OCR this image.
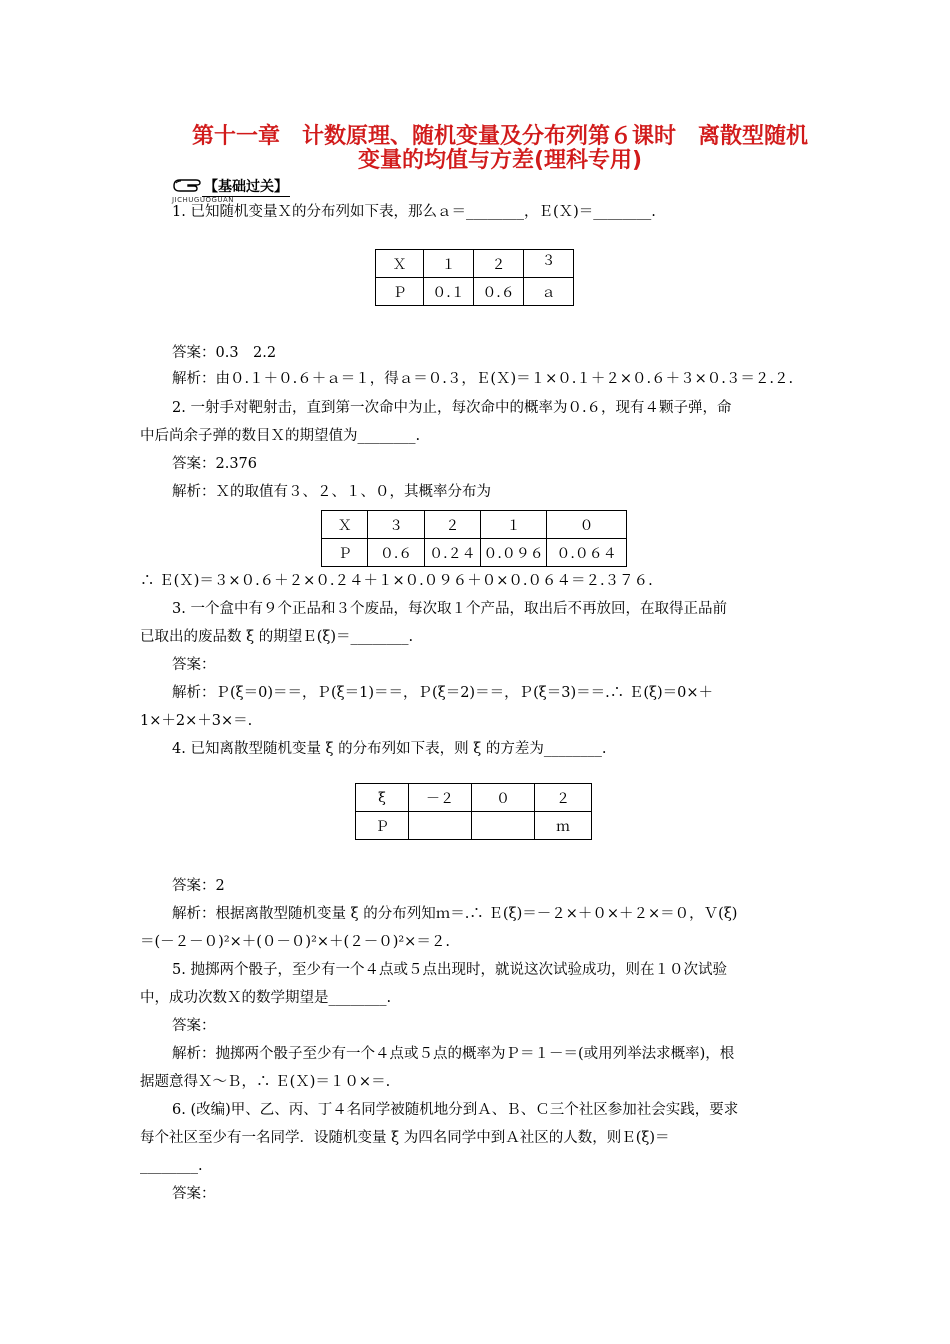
第十一章　计数原理、随机变量及分布列第６课时　离散型随机
变量的均值与方差(理科专用)
【基础过关】
JICHUGUOGUAN
1. 已知随机变量Ｘ的分布列如下表，那么ａ＝________，Ｅ(Ｘ)＝________.
Ｘ	１	２	３
Ｐ	０.１	０.６	ａ
答案：0.3　2.2
解析：由０.１＋０.６＋ａ＝１，得ａ＝０.３，Ｅ(Ｘ)＝１×０.１＋２×０.６＋３×０.３＝２.２.
2. 一射手对靶射击，直到第一次命中为止，每次命中的概率为０.６，现有４颗子弹，命
中后尚余子弹的数目Ｘ的期望值为________.
答案：2.376
解析：Ｘ的取值有３、２、１、０，其概率分布为
Ｘ	３	２	１	０
Ｐ	０.６	０.２４	０.０９６	０.０６４
∴ Ｅ(Ｘ)＝３×０.６＋２×０.２４＋１×０.０９６＋０×０.０６４＝２.３７６.
3. 一个盒中有９个正品和３个废品，每次取１个产品，取出后不再放回，在取得正品前
已取出的废品数 ξ 的期望Ｅ(ξ)＝________.
答案：
解析：Ｐ(ξ＝0)＝＝，Ｐ(ξ＝1)＝＝，Ｐ(ξ＝2)＝＝，Ｐ(ξ＝3)＝＝.∴ Ｅ(ξ)＝0×＋
1×＋2×＋3×＝.
4. 已知离散型随机变量 ξ 的分布列如下表，则 ξ 的方差为________.
ξ	－２	０	２
Ｐ			ｍ
答案：2
解析：根据离散型随机变量 ξ 的分布列知ｍ＝.∴ Ｅ(ξ)＝－２×＋０×＋２×＝０，Ｖ(ξ)
＝(－２－０)²×＋(０－０)²×＋(２－０)²×＝２.
5. 抛掷两个骰子，至少有一个４点或５点出现时，就说这次试验成功，则在１０次试验
中，成功次数Ｘ的数学期望是________.
答案：
解析：抛掷两个骰子至少有一个４点或５点的概率为Ｐ＝１－＝(或用列举法求概率)，根
据题意得Ｘ～Ｂ，∴ Ｅ(Ｘ)＝１０×＝.
6. (改编)甲、乙、丙、丁４名同学被随机地分到Ａ、Ｂ、Ｃ三个社区参加社会实践，要求
每个社区至少有一名同学．设随机变量 ξ 为四名同学中到Ａ社区的人数，则Ｅ(ξ)＝
________.
答案：
